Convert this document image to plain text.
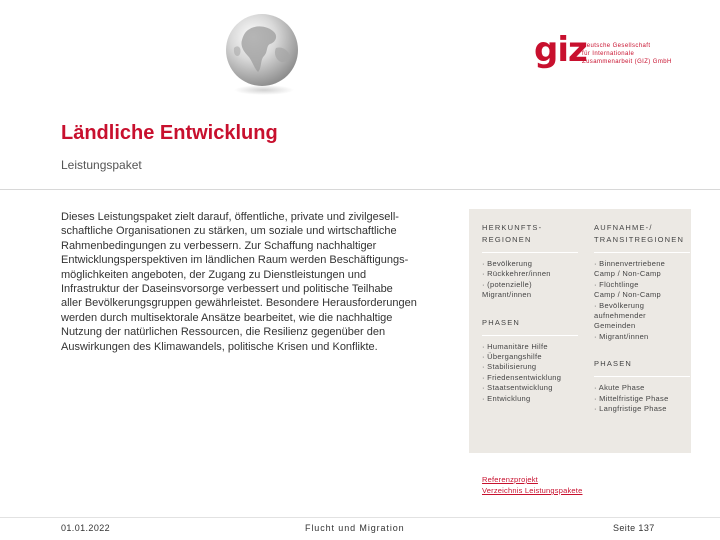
giz
Deutsche Gesellschaft
für Internationale
Zusammenarbeit (GIZ) GmbH
Ländliche Entwicklung
Leistungspaket
Dieses Leistungspaket zielt darauf, öffentliche, private und zivilgesell-
schaftliche Organisationen zu stärken, um soziale und wirtschaftliche
Rahmenbedingungen zu verbessern. Zur Schaffung nachhaltiger
Entwicklungsperspektiven im ländlichen Raum werden Beschäftigungs-
möglichkeiten angeboten, der Zugang zu Dienstleistungen und
Infrastruktur der Daseinsvorsorge verbessert und politische Teilhabe
aller Bevölkerungsgruppen gewährleistet. Besondere Herausforderungen
werden durch multisektorale Ansätze bearbeitet, wie die nachhaltige
Nutzung der natürlichen Ressourcen, die Resilienz gegenüber den
Auswirkungen des Klimawandels, politische Krisen und Konflikte.
HERKUNFTS-
REGIONEN
· Bevölkerung
· Rückkehrer/innen
· (potenzielle)
Migrant/innen
PHASEN
· Humanitäre Hilfe
· Übergangshilfe
· Stabilisierung
· Friedensentwicklung
· Staatsentwicklung
· Entwicklung
AUFNAHME-/
TRANSITREGIONEN
· Binnenvertriebene
Camp / Non-Camp
· Flüchtlinge
Camp / Non-Camp
· Bevölkerung
aufnehmender
Gemeinden
· Migrant/innen
PHASEN
· Akute Phase
· Mittelfristige Phase
· Langfristige Phase
Referenzprojekt
Verzeichnis Leistungspakete
01.01.2022	Flucht und Migration	Seite 137
